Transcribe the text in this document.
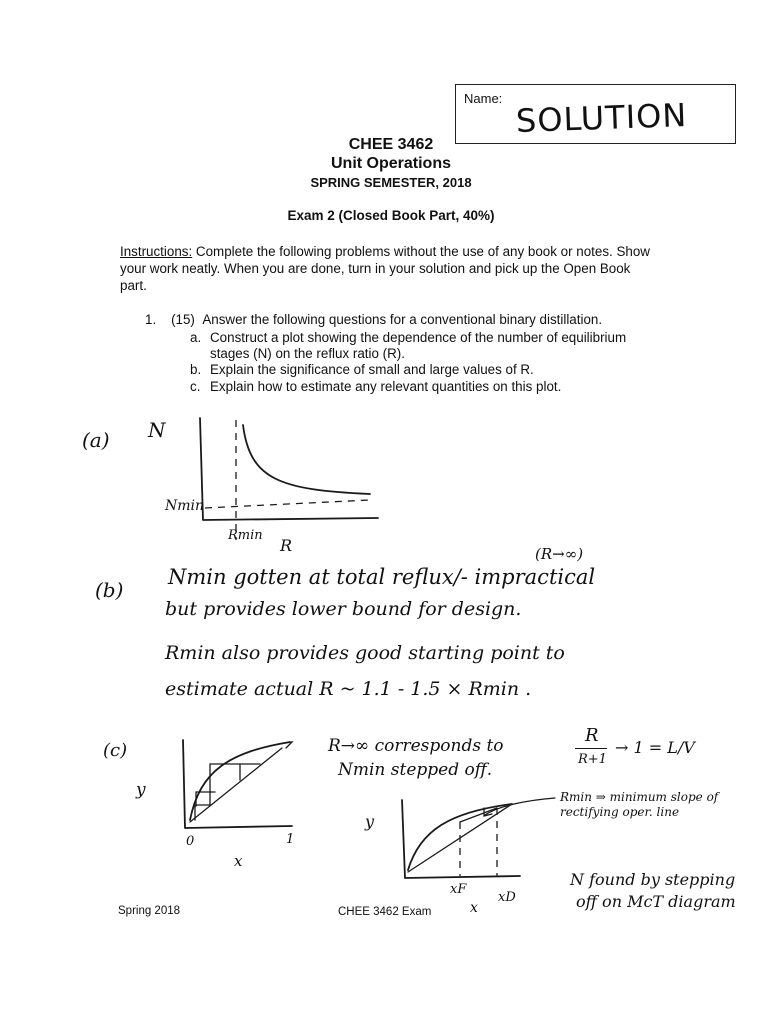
Name: SOLUTION
CHEE 3462
Unit Operations
SPRING SEMESTER, 2018
Exam 2 (Closed Book Part, 40%)
Instructions: Complete the following problems without the use of any book or notes. Show your work neatly. When you are done, turn in your solution and pick up the Open Book part.
1. (15) Answer the following questions for a conventional binary distillation.
a. Construct a plot showing the dependence of the number of equilibrium stages (N) on the reflux ratio (R).
b. Explain the significance of small and large values of R.
c. Explain how to estimate any relevant quantities on this plot.
(a) N
Nmin
Rmin
R
(b)
(R→∞)
Nmin gotten at total reflux/- impractical
but provides lower bound for design.
Rmin also provides good starting point to
estimate actual R ~ 1.1 - 1.5 × Rmin .
(c)
y
0	1
x
R→∞ corresponds to	R
R+1
→ 1 = L/V
Nmin stepped off.
y
xF
xD
x
Rmin ⇒ minimum slope of rectifying oper. line
N found by stepping
off on McT diagram
Spring 2018	CHEE 3462 Exam
